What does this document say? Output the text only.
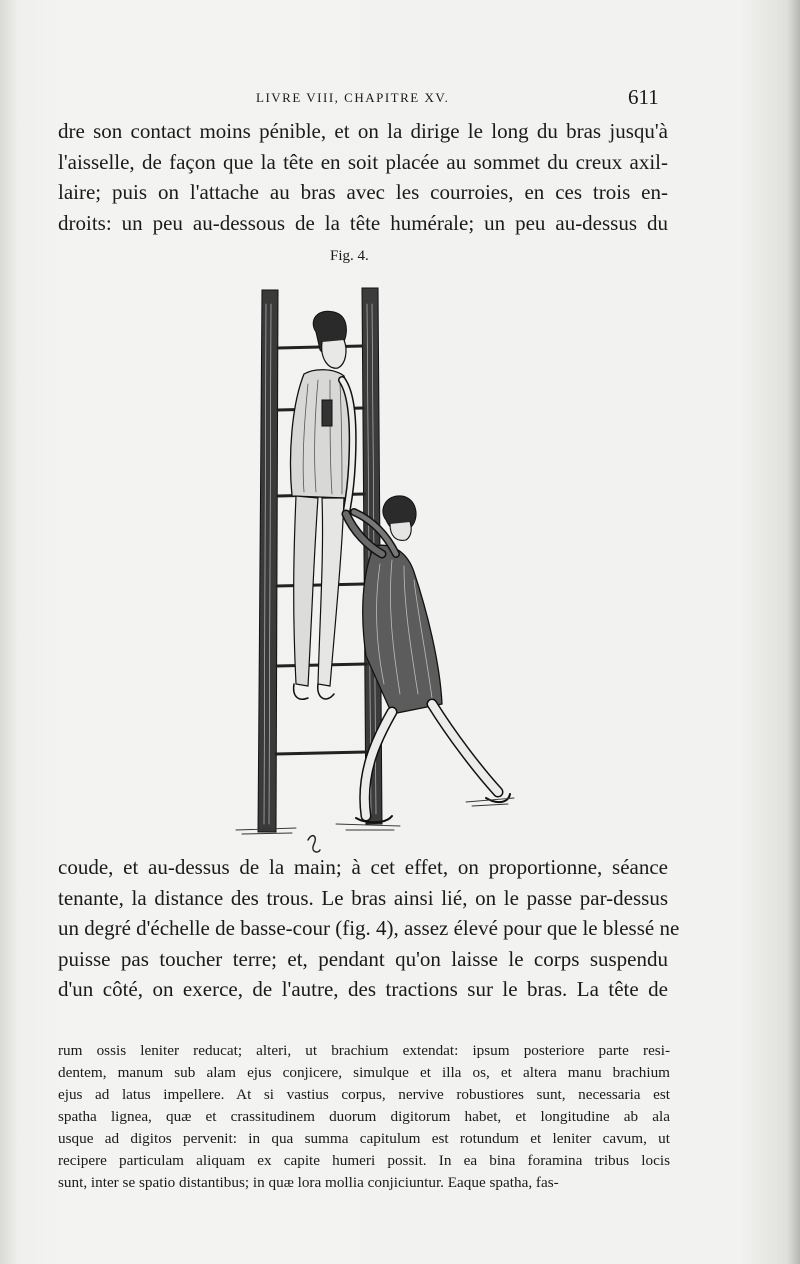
LIVRE VIII, CHAPITRE XV.	611
dre son contact moins pénible, et on la dirige le long du bras jusqu'à
l'aisselle, de façon que la tête en soit placée au sommet du creux axil-
laire; puis on l'attache au bras avec les courroies, en ces trois en-
droits: un peu au-dessous de la tête humérale; un peu au-dessus du
Fig. 4.
coude, et au-dessus de la main; à cet effet, on proportionne, séance
tenante, la distance des trous. Le bras ainsi lié, on le passe par-dessus
un degré d'échelle de basse-cour (fig. 4), assez élevé pour que le blessé ne
puisse pas toucher terre; et, pendant qu'on laisse le corps suspendu
d'un côté, on exerce, de l'autre, des tractions sur le bras. La tête de
rum ossis leniter reducat; alteri, ut brachium extendat: ipsum posteriore parte resi-
dentem, manum sub alam ejus conjicere, simulque et illa os, et altera manu brachium
ejus ad latus impellere. At si vastius corpus, nervive robustiores sunt, necessaria est
spatha lignea, quæ et crassitudinem duorum digitorum habet, et longitudine ab ala
usque ad digitos pervenit: in qua summa capitulum est rotundum et leniter cavum, ut
recipere particulam aliquam ex capite humeri possit. In ea bina foramina tribus locis
sunt, inter se spatio distantibus; in quæ lora mollia conjiciuntur. Eaque spatha, fas-
